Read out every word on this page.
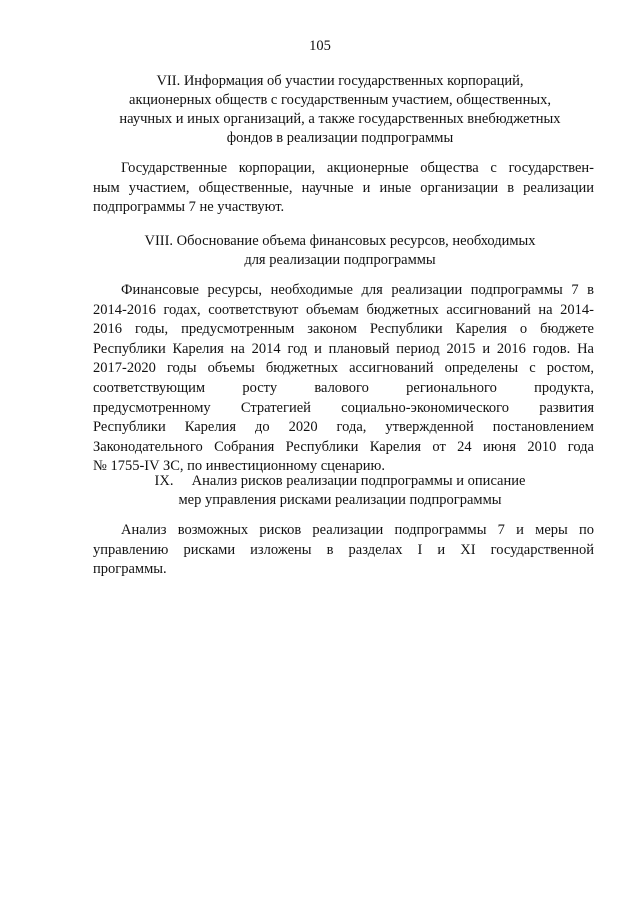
105
VII. Информация об участии государственных корпораций,
акционерных обществ с государственным участием, общественных,
научных и иных организаций, а также государственных внебюджетных
фондов в реализации подпрограммы
Государственные корпорации, акционерные общества с государствен-
ным участием, общественные, научные и иные организации в реализации
подпрограммы 7 не участвуют.
VIII. Обоснование объема финансовых ресурсов, необходимых
для реализации подпрограммы
Финансовые ресурсы, необходимые для реализации подпрограммы 7 в
2014-2016 годах, соответствуют объемам бюджетных ассигнований на 2014-
2016 годы, предусмотренным законом Республики Карелия о бюджете
Республики Карелия на 2014 год и плановый период 2015 и 2016 годов. На
2017-2020 годы объемы бюджетных ассигнований определены с ростом,
соответствующим росту валового регионального продукта,
предусмотренному Стратегией социально-экономического развития
Республики Карелия до 2020 года, утвержденной постановлением
Законодательного Собрания Республики Карелия от 24 июня 2010 года
№ 1755-IV ЗС, по инвестиционному сценарию.
IX.     Анализ рисков реализации подпрограммы и описание
мер управления рисками реализации подпрограммы
Анализ возможных рисков реализации подпрограммы 7 и меры по
управлению рисками изложены в разделах I и XI государственной
программы.
